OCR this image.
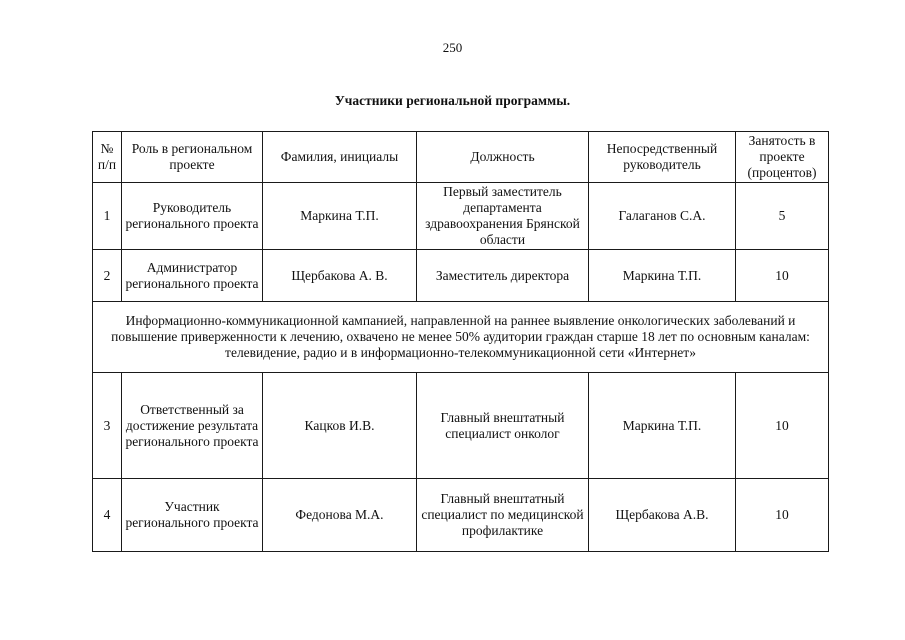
250
Участники региональной программы.
№ п/п	Роль в региональном проекте	Фамилия, инициалы	Должность	Непосредственный руководитель	Занятость в проекте (процентов)
1	Руководитель регионального проекта	Маркина Т.П.	Первый заместитель департамента здравоохранения Брянской области	Галаганов С.А.	5
2	Администратор регионального проекта	Щербакова А. В.	Заместитель директора	Маркина Т.П.	10
Информационно-коммуникационной кампанией, направленной на раннее выявление онкологических заболеваний и повышение приверженности к лечению, охвачено не менее 50% аудитории граждан старше 18 лет по основным каналам: телевидение, радио и в информационно-телекоммуникационной сети «Интернет»					
3	Ответственный за достижение результата регионального проекта	Кацков И.В.	Главный внештатный специалист онколог	Маркина Т.П.	10
4	Участник регионального проекта	Федонова М.А.	Главный внештатный специалист по медицинской профилактике	Щербакова А.В.	10
